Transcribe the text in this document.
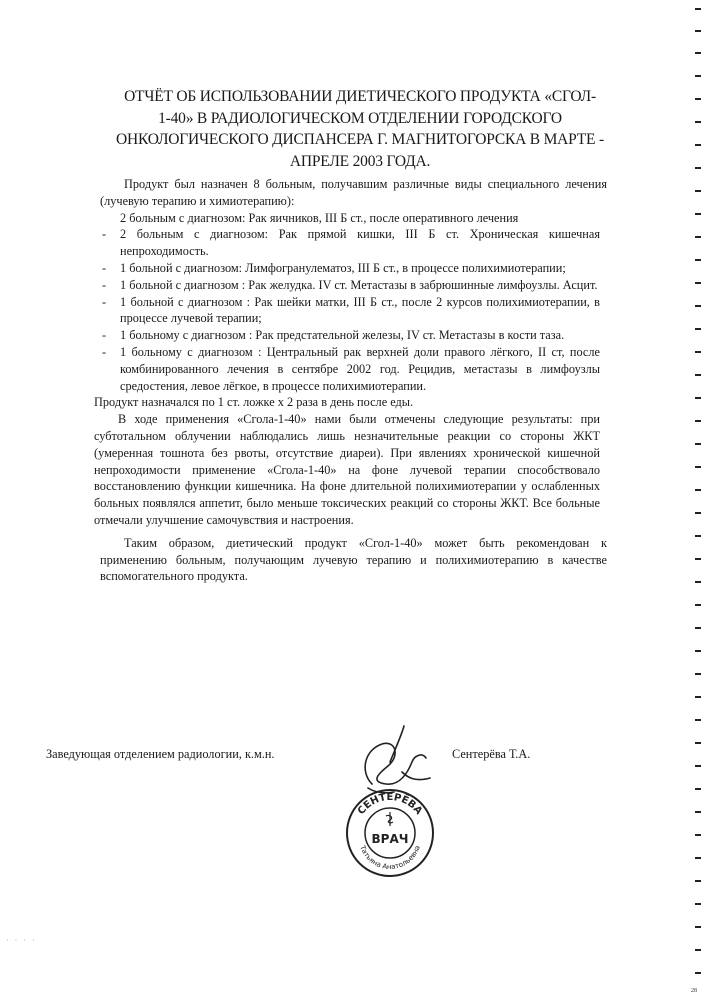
ОТЧЁТ ОБ ИСПОЛЬЗОВАНИИ ДИЕТИЧЕСКОГО ПРОДУКТА «СГОЛ-
1-40» В РАДИОЛОГИЧЕСКОМ ОТДЕЛЕНИИ ГОРОДСКОГО
ОНКОЛОГИЧЕСКОГО ДИСПАНСЕРА Г. МАГНИТОГОРСКА В МАРТЕ -
АПРЕЛЕ 2003 ГОДА.

Продукт был назначен 8 больным, получавшим различные виды специального лечения (лучевую терапию и химиотерапию):

2 больным с диагнозом: Рак яичников, III Б ст., после оперативного лечения
- 2 больным с диагнозом: Рак прямой кишки, III Б ст. Хроническая кишечная непроходимость.
- 1 больной с диагнозом: Лимфогранулематоз, III Б ст., в процессе полихимиотерапии;
- 1 больной с диагнозом : Рак желудка. IV ст. Метастазы в забрюшинные лимфоузлы. Асцит.
- 1 больной с диагнозом : Рак шейки матки, III Б ст., после 2 курсов полихимиотерапии, в процессе лучевой терапии;
- 1 больному с диагнозом : Рак предстательной железы, IV ст. Метастазы в кости таза.
- 1 больному с диагнозом : Центральный рак верхней доли правого лёгкого, II ст, после комбинированного лечения в сентябре 2002 год. Рецидив, метастазы в лимфоузлы средостения, левое лёгкое, в процессе полихимиотерапии.

Продукт назначался по 1 ст. ложке х 2 раза в день после еды.

В ходе применения «Сгола-1-40» нами были отмечены следующие результаты: при субтотальном облучении наблюдались лишь незначительные реакции со стороны ЖКТ (умеренная тошнота без рвоты, отсутствие диареи). При явлениях хронической кишечной непроходимости применение «Сгола-1-40» на фоне лучевой терапии способствовало восстановлению функции кишечника. На фоне длительной полихимиотерапии у ослабленных больных появлялся аппетит, было меньше токсических реакций со стороны ЖКТ. Все больные отмечали улучшение самочувствия и настроения.

Таким образом, диетический продукт «Сгол-1-40» может быть рекомендован к применению больным, получающим лучевую терапию и полихимиотерапию в качестве вспомогательного продукта.

Заведующая отделением радиологии, к.м.н.	Сентерёва Т.А.
СЕНТЕРЁВА
Татьяна Анатольевна
ВРАЧ
· · · ·
28
